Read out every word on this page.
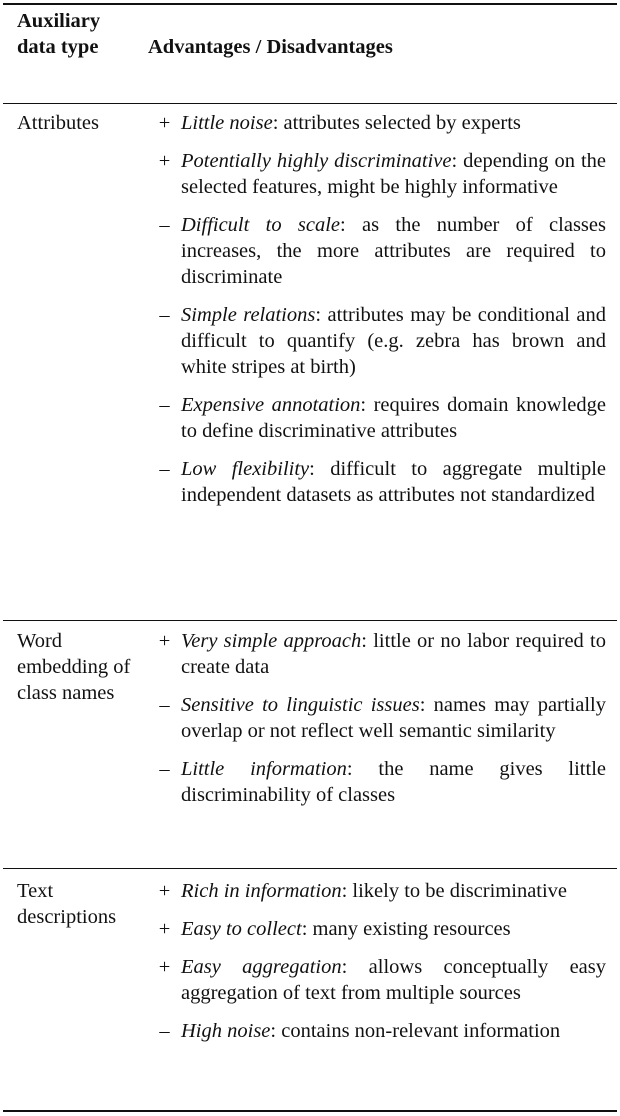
Auxiliary data type	Advantages / Disadvantages
Attributes	+ Little noise: attributes selected by experts
+ Potentially highly discriminative: depending on the selected features, might be highly informative
– Difficult to scale: as the number of classes increases, the more attributes are required to discriminate
– Simple relations: attributes may be conditional and difficult to quantify (e.g. zebra has brown and white stripes at birth)
– Expensive annotation: requires domain knowledge to define discriminative attributes
– Low flexibility: difficult to aggregate multiple independent datasets as attributes not standardized
Word embedding of class names
+ Very simple approach: little or no labor required to create data
– Sensitive to linguistic issues: names may partially overlap or not reflect well semantic similarity
– Little information: the name gives little discriminability of classes
Text descriptions
+ Rich in information: likely to be discriminative
+ Easy to collect: many existing resources
+ Easy aggregation: allows conceptually easy aggregation of text from multiple sources
– High noise: contains non-relevant information
